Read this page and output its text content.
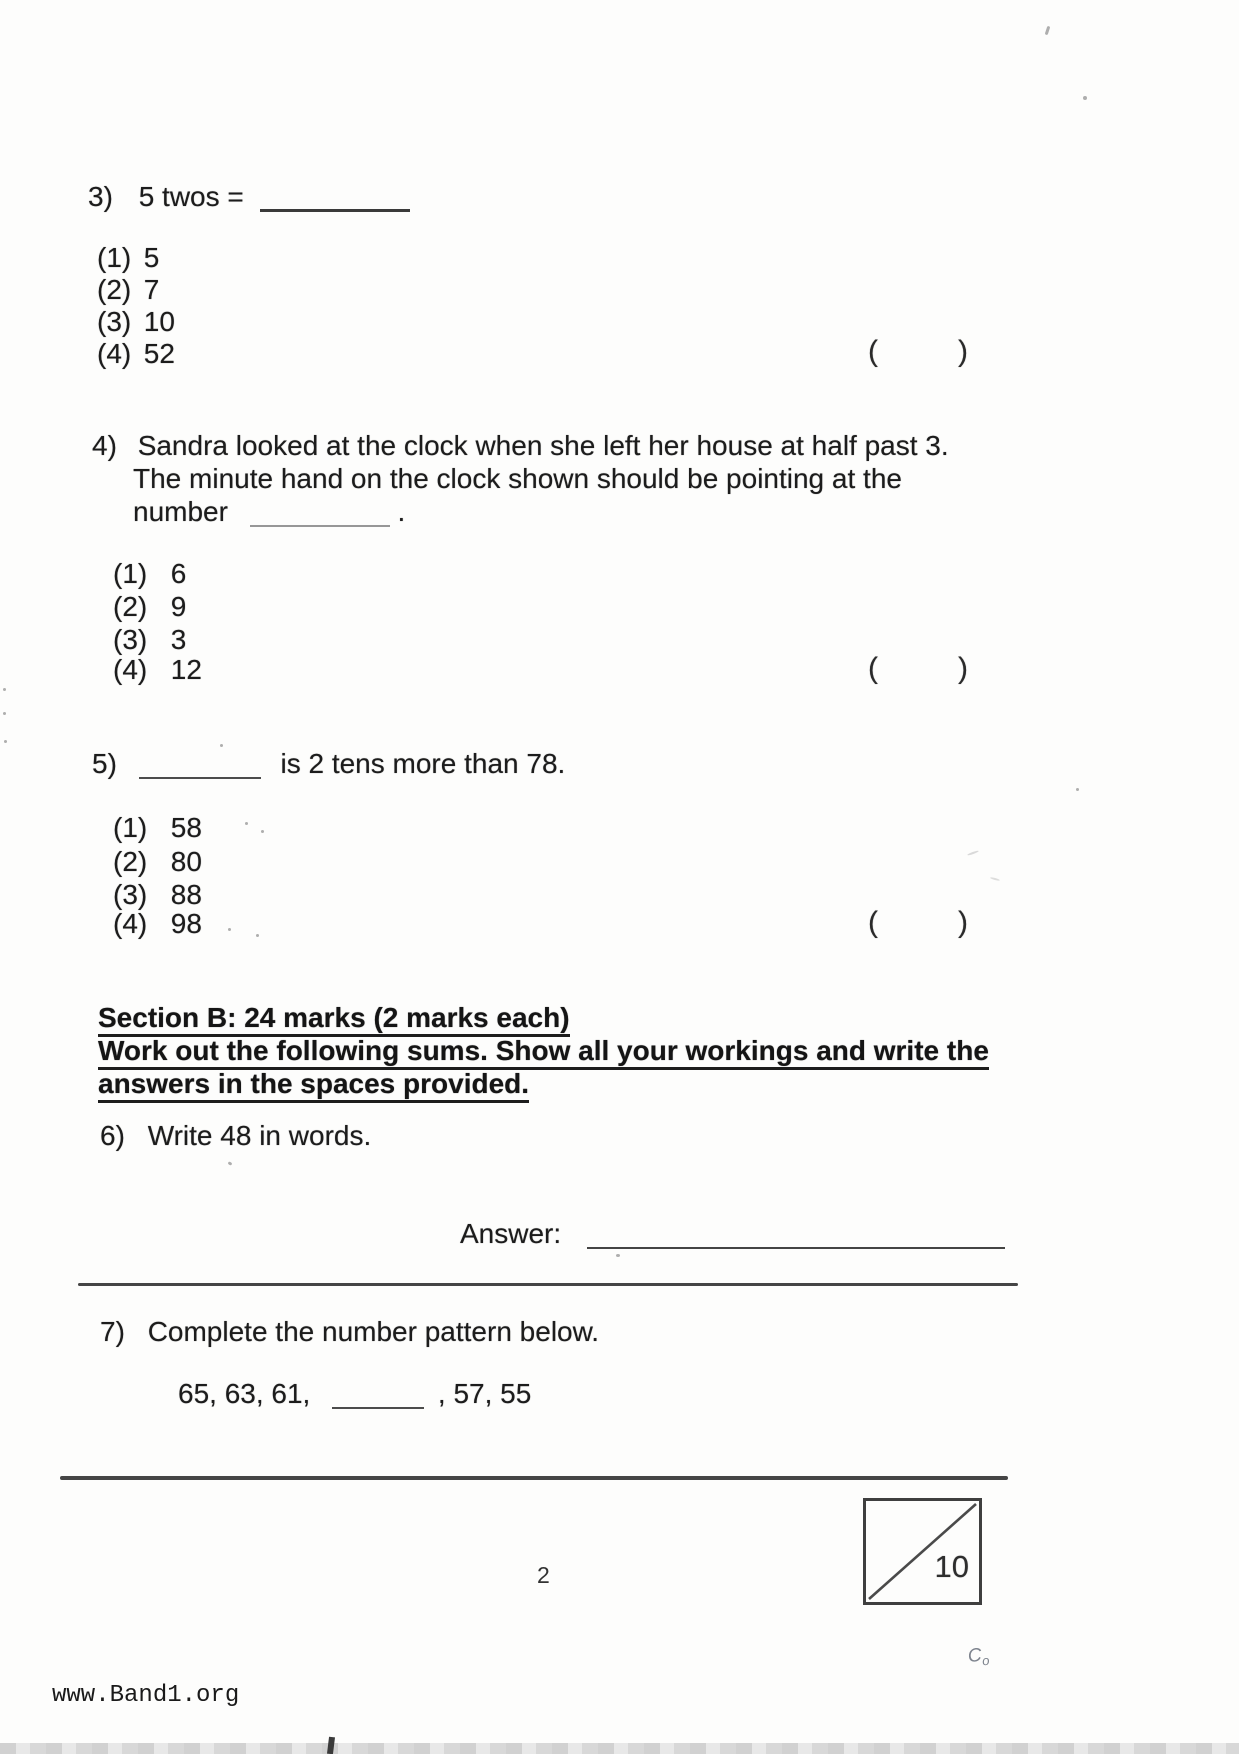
3) 5 twos =
(1) 5
(2) 7
(3) 10
(4) 52	(	)
4) Sandra looked at the clock when she left her house at half past 3.
The minute hand on the clock shown should be pointing at the
number	.
(1) 6
(2) 9
(3) 3
(4) 12	(	)
5)	is 2 tens more than 78.
(1) 58
(2) 80
(3) 88
(4) 98	(	)
Section B: 24 marks (2 marks each)
Work out the following sums. Show all your workings and write the
answers in the spaces provided.
6) Write 48 in words.
Answer:
7) Complete the number pattern below.
65, 63, 61,	, 57, 55
10
2
$C_o$
www.Band1.org
